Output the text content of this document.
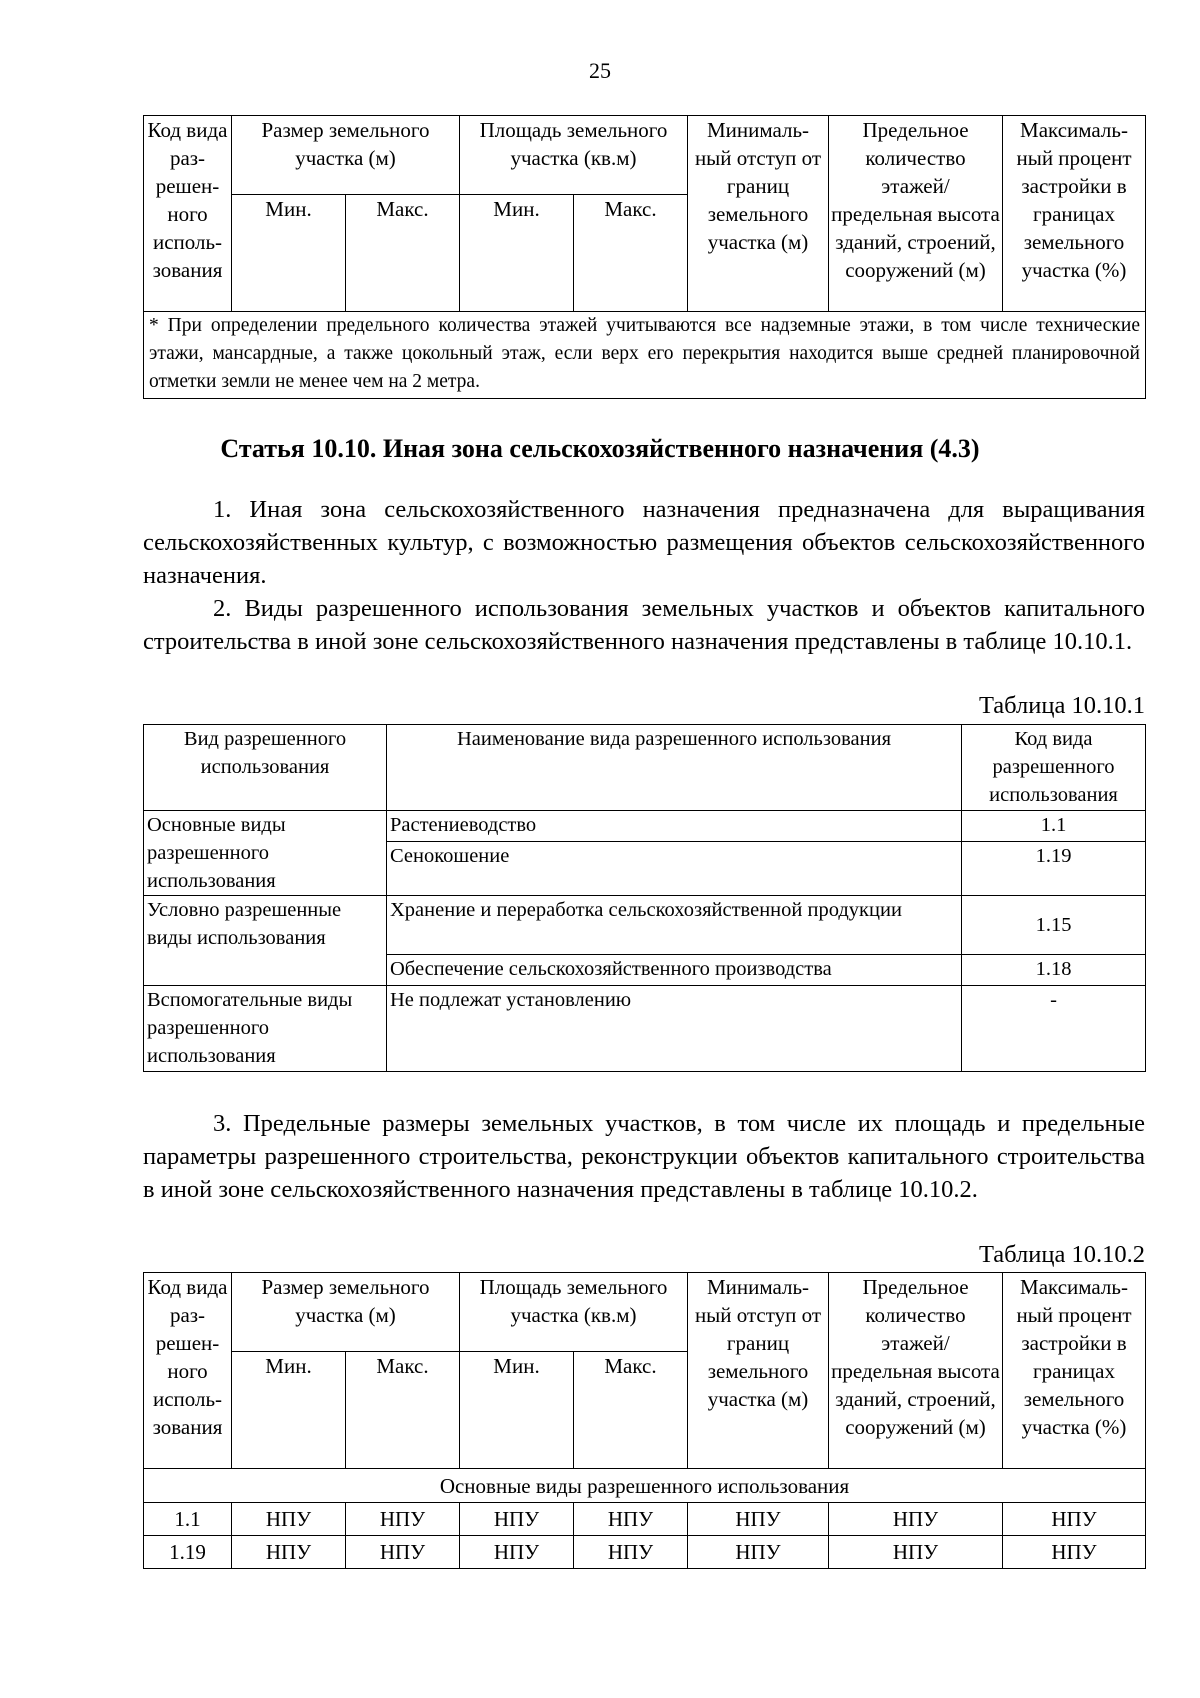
25
Код вида раз-решен-ного исполь-зования	Размер земельного участка (м)		Площадь земельного участка (кв.м)		Минималь-ный отступ от границ земельного участка (м)	Предельное количество этажей/ предельная высота зданий, строений, сооружений (м)	Максималь-ный процент застройки в границах земельного участка (%)
	Мин.	Макс.	Мин.	Макс.			
* При определении предельного количества этажей учитываются все надземные этажи, в том числе технические этажи, мансардные, а также цокольный этаж, если верх его перекрытия находится выше средней планировочной отметки земли не менее чем на 2 метра.							
Статья 10.10. Иная зона сельскохозяйственного назначения (4.3)

1. Иная зона сельскохозяйственного назначения предназначена для выращивания сельскохозяйственных культур, с возможностью размещения объектов сельскохозяйственного назначения.

2. Виды разрешенного использования земельных участков и объектов капитального строительства в иной зоне сельскохозяйственного назначения представлены в таблице 10.10.1.

Таблица 10.10.1
Вид разрешенного использования	Наименование вида разрешенного использования	Код вида разрешенного использования
Основные виды разрешенного использования	Растениеводство	1.1
	Сенокошение	1.19
Условно разрешенные виды использования	Хранение и переработка сельскохозяйственной продукции	1.15
	Обеспечение сельскохозяйственного производства	1.18
Вспомогательные виды разрешенного использования	Не подлежат установлению	-

3. Предельные размеры земельных участков, в том числе их площадь и предельные параметры разрешенного строительства, реконструкции объектов капитального строительства в иной зоне сельскохозяйственного назначения представлены в таблице 10.10.2.

Таблица 10.10.2
Код вида раз-решен-ного исполь-зования	Размер земельного участка (м)		Площадь земельного участка (кв.м)		Минималь-ный отступ от границ земельного участка (м)	Предельное количество этажей/ предельная высота зданий, строений, сооружений (м)	Максималь-ный процент застройки в границах земельного участка (%)
	Мин.	Макс.	Мин.	Макс.			
Основные виды разрешенного использования							
1.1	НПУ	НПУ	НПУ	НПУ	НПУ	НПУ	НПУ
1.19	НПУ	НПУ	НПУ	НПУ	НПУ	НПУ	НПУ
